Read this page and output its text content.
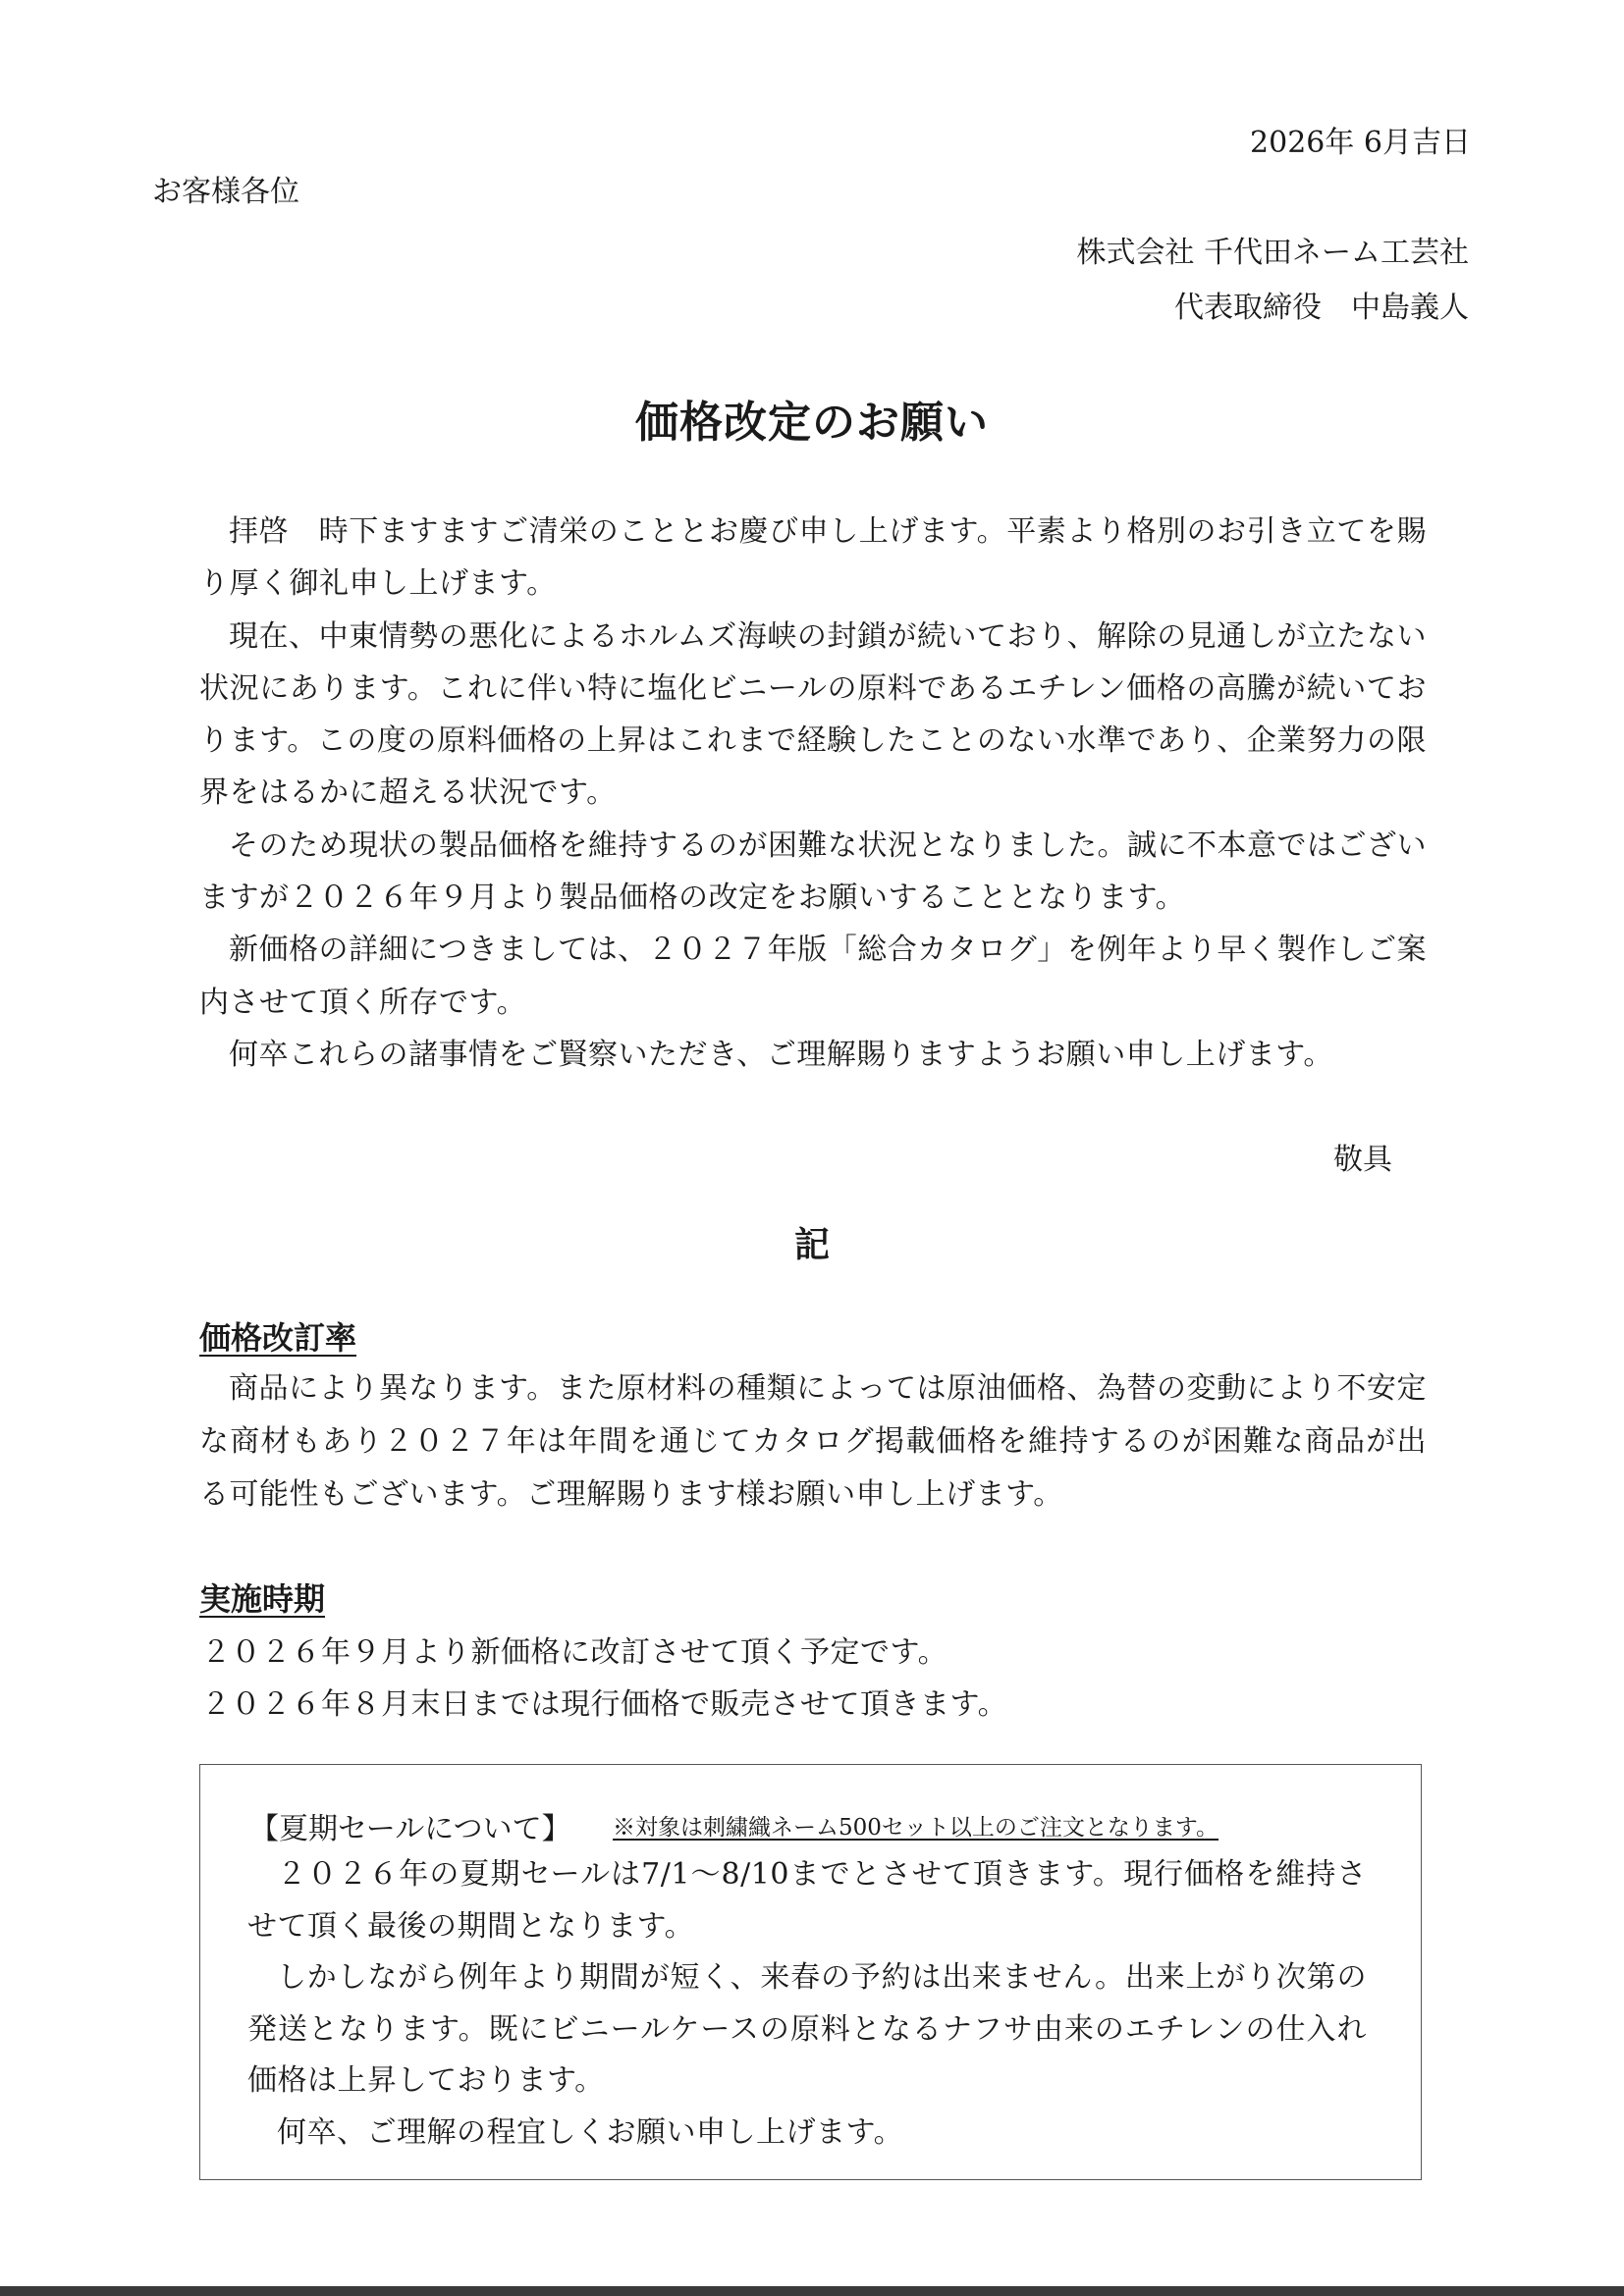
2026年 6月吉日
お客様各位
株式会社 千代田ネーム工芸社
代表取締役　中島義人
価格改定のお願い

拝啓　時下ますますご清栄のこととお慶び申し上げます。平素より格別のお引き立てを賜り厚く御礼申し上げます。

現在、中東情勢の悪化によるホルムズ海峡の封鎖が続いており、解除の見通しが立たない状況にあります。これに伴い特に塩化ビニールの原料であるエチレン価格の高騰が続いております。この度の原料価格の上昇はこれまで経験したことのない水準であり、企業努力の限界をはるかに超える状況です。

そのため現状の製品価格を維持するのが困難な状況となりました。誠に不本意ではございますが２０２６年９月より製品価格の改定をお願いすることとなります。

新価格の詳細につきましては、２０２７年版「総合カタログ」を例年より早く製作しご案内させて頂く所存です。

何卒これらの諸事情をご賢察いただき、ご理解賜りますようお願い申し上げます。

敬具
記
価格改訂率

商品により異なります。また原材料の種類によっては原油価格、為替の変動により不安定な商材もあり２０２７年は年間を通じてカタログ掲載価格を維持するのが困難な商品が出る可能性もございます。ご理解賜ります様お願い申し上げます。

実施時期
２０２６年９月より新価格に改訂させて頂く予定です。
２０２６年８月末日までは現行価格で販売させて頂きます。
【夏期セールについて】 ※対象は刺繍織ネーム500セット以上のご注文となります。

２０２６年の夏期セールは7/1～8/10までとさせて頂きます。現行価格を維持させて頂く最後の期間となります。

しかしながら例年より期間が短く、来春の予約は出来ません。出来上がり次第の発送となります。既にビニールケースの原料となるナフサ由来のエチレンの仕入れ価格は上昇しております。

何卒、ご理解の程宜しくお願い申し上げます。
